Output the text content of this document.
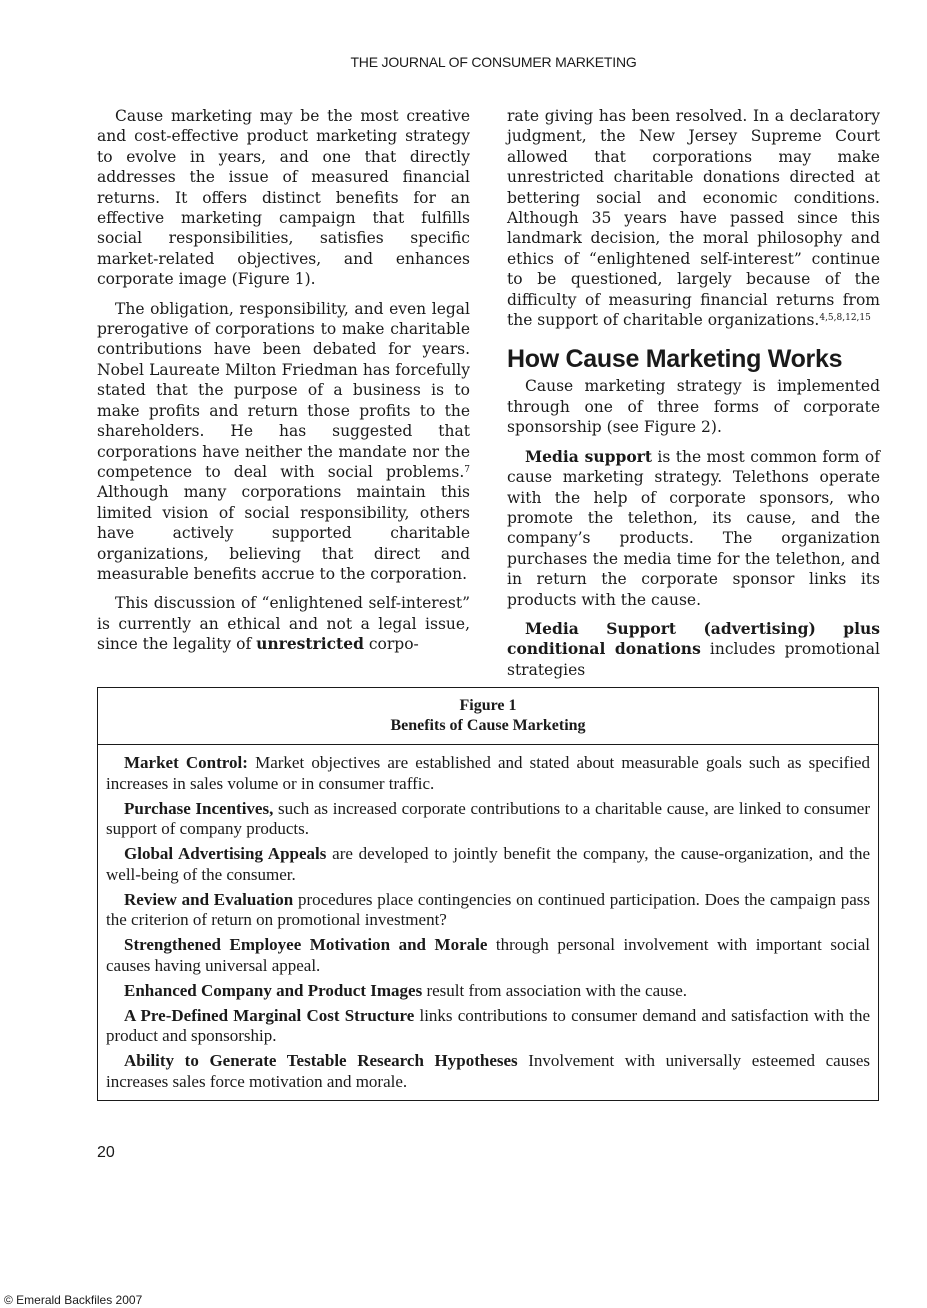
THE JOURNAL OF CONSUMER MARKETING

Cause marketing may be the most creative and cost-effective product marketing strategy to evolve in years, and one that directly addresses the issue of measured financial returns. It offers distinct benefits for an effective marketing campaign that fulfills social responsibilities, satisfies specific market-related objectives, and enhances corporate image (Figure 1).

The obligation, responsibility, and even legal prerogative of corporations to make charitable contributions have been debated for years. Nobel Laureate Milton Friedman has forcefully stated that the purpose of a business is to make profits and return those profits to the shareholders. He has suggested that corporations have neither the mandate nor the competence to deal with social problems.$^7$ Although many corporations maintain this limited vision of social responsibility, others have actively supported charitable organizations, believing that direct and measurable benefits accrue to the corporation.

This discussion of “enlightened self-interest” is currently an ethical and not a legal issue, since the legality of unrestricted corpo-

rate giving has been resolved. In a declaratory judgment, the New Jersey Supreme Court allowed that corporations may make unrestricted charitable donations directed at bettering social and economic conditions. Although 35 years have passed since this landmark decision, the moral philosophy and ethics of “enlightened self-interest” continue to be questioned, largely because of the difficulty of measuring financial returns from the support of charitable organizations.$^{4,5,8,12,15}$

How Cause Marketing Works

Cause marketing strategy is implemented through one of three forms of corporate sponsorship (see Figure 2).

Media support is the most common form of cause marketing strategy. Telethons operate with the help of corporate sponsors, who promote the telethon, its cause, and the company’s products. The organization purchases the media time for the telethon, and in return the corporate sponsor links its products with the cause.

Media Support (advertising) plus conditional donations includes promotional strategies

Figure 1
Benefits of Cause Marketing

Market Control: Market objectives are established and stated about measurable goals such as specified increases in sales volume or in consumer traffic.

Purchase Incentives, such as increased corporate contributions to a charitable cause, are linked to consumer support of company products.

Global Advertising Appeals are developed to jointly benefit the company, the cause-organization, and the well-being of the consumer.

Review and Evaluation procedures place contingencies on continued participation. Does the campaign pass the criterion of return on promotional investment?

Strengthened Employee Motivation and Morale through personal involvement with important social causes having universal appeal.

Enhanced Company and Product Images result from association with the cause.

A Pre-Defined Marginal Cost Structure links contributions to consumer demand and satisfaction with the product and sponsorship.

Ability to Generate Testable Research Hypotheses Involvement with universally esteemed causes increases sales force motivation and morale.

20
© Emerald Backfiles 2007
